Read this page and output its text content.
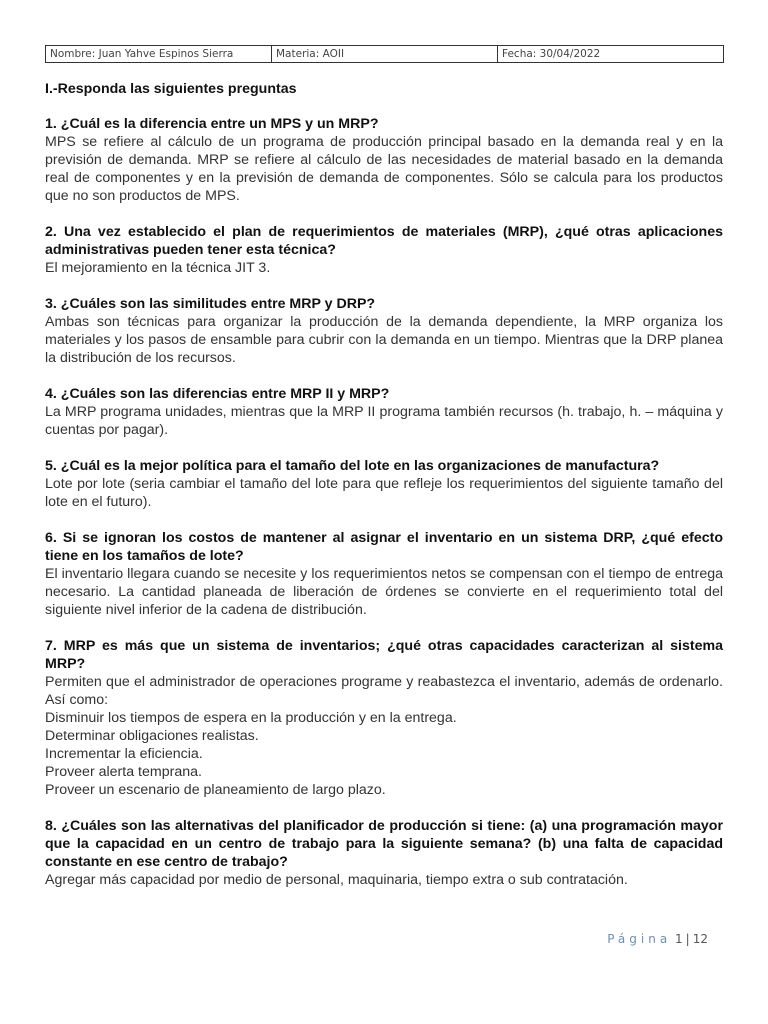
Nombre: Juan Yahve Espinos Sierra	Materia: AOII	Fecha: 30/04/2022

I.-Responda las siguientes preguntas

1. ¿Cuál es la diferencia entre un MPS y un MRP?

MPS se refiere al cálculo de un programa de producción principal basado en la demanda real y en la previsión de demanda. MRP se refiere al cálculo de las necesidades de material basado en la demanda real de componentes y en la previsión de demanda de componentes. Sólo se calcula para los productos que no son productos de MPS.

2. Una vez establecido el plan de requerimientos de materiales (MRP), ¿qué otras aplicaciones administrativas pueden tener esta técnica?

El mejoramiento en la técnica JIT 3.

3. ¿Cuáles son las similitudes entre MRP y DRP?

Ambas son técnicas para organizar la producción de la demanda dependiente, la MRP organiza los materiales y los pasos de ensamble para cubrir con la demanda en un tiempo. Mientras que la DRP planea la distribución de los recursos.

4. ¿Cuáles son las diferencias entre MRP II y MRP?

La MRP programa unidades, mientras que la MRP II programa también recursos (h. trabajo, h. – máquina y cuentas por pagar).

5. ¿Cuál es la mejor política para el tamaño del lote en las organizaciones de manufactura?

Lote por lote (seria cambiar el tamaño del lote para que refleje los requerimientos del siguiente tamaño del lote en el futuro).

6. Si se ignoran los costos de mantener al asignar el inventario en un sistema DRP, ¿qué efecto tiene en los tamaños de lote?

El inventario llegara cuando se necesite y los requerimientos netos se compensan con el tiempo de entrega necesario. La cantidad planeada de liberación de órdenes se convierte en el requerimiento total del siguiente nivel inferior de la cadena de distribución.

7. MRP es más que un sistema de inventarios; ¿qué otras capacidades caracterizan al sistema MRP?

Permiten que el administrador de operaciones programe y reabastezca el inventario, además de ordenarlo. Así como:

Disminuir los tiempos de espera en la producción y en la entrega.

Determinar obligaciones realistas.

Incrementar la eficiencia.

Proveer alerta temprana.

Proveer un escenario de planeamiento de largo plazo.

8. ¿Cuáles son las alternativas del planificador de producción si tiene: (a) una programación mayor que la capacidad en un centro de trabajo para la siguiente semana? (b) una falta de capacidad constante en ese centro de trabajo?

Agregar más capacidad por medio de personal, maquinaria, tiempo extra o sub contratación.

Página 1 | 12
